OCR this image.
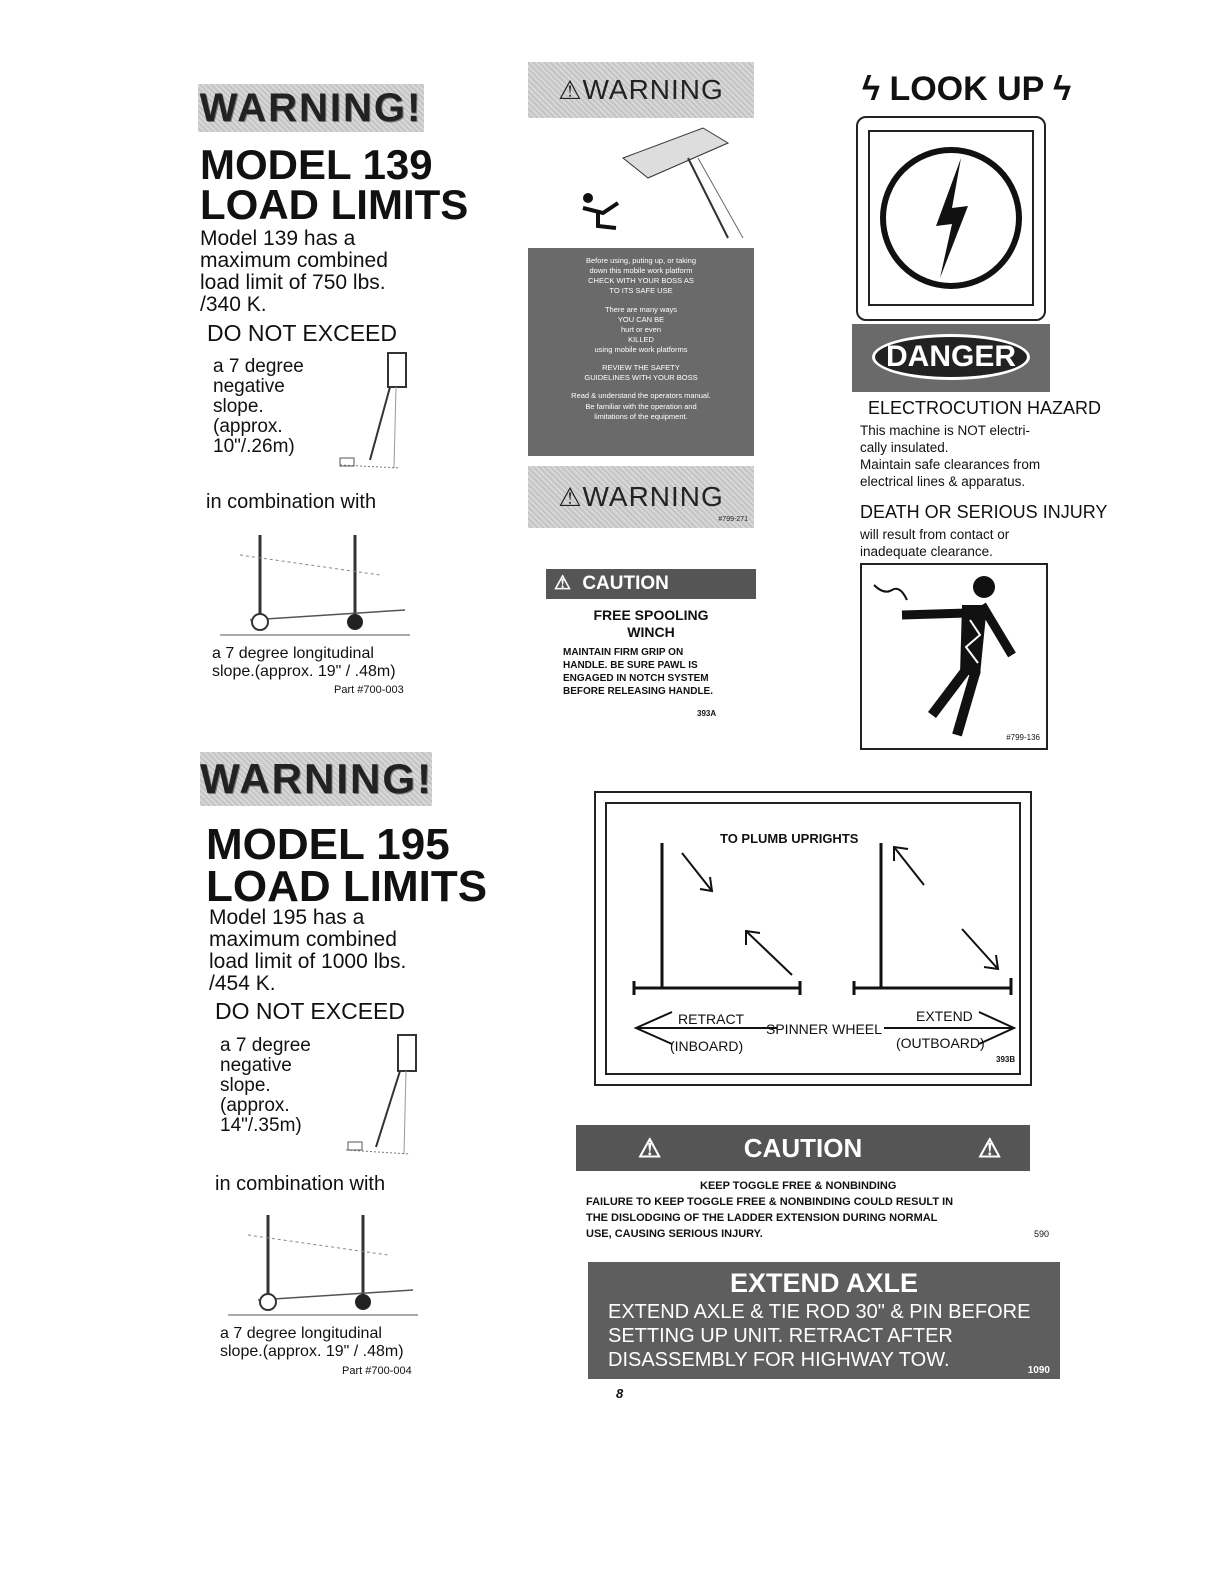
WARNING!
MODEL 139
LOAD LIMITS
Model 139 has a
maximum combined
load limit of 750 lbs.
/340 K.
DO NOT EXCEED
a 7 degree
negative
slope.
(approx.
10"/.26m)
in combination with
a 7 degree longitudinal
slope.(approx. 19" / .48m)
Part #700-003
WARNING!
MODEL 195
LOAD LIMITS
Model 195 has a
maximum combined
load limit of 1000 lbs.
/454 K.
DO NOT EXCEED
a 7 degree
negative
slope.
(approx.
14"/.35m)
in combination with
a 7 degree longitudinal
slope.(approx. 19" / .48m)
Part #700-004
⚠WARNING
Before using, puting up, or taking
down this mobile work platform
CHECK WITH YOUR BOSS AS
TO ITS SAFE USE
There are many ways
YOU CAN BE
hurt or even
KILLED
using mobile work platforms
REVIEW THE SAFETY
GUIDELINES WITH YOUR BOSS
Read & understand the operators manual.
Be familiar with the operation and
limitations of the equipment.
⚠WARNING
#799-271
⚠ CAUTION
FREE SPOOLING
WINCH
MAINTAIN FIRM GRIP ON
HANDLE. BE SURE PAWL IS
ENGAGED IN NOTCH SYSTEM
BEFORE RELEASING HANDLE.
393A
ϟ LOOK UP ϟ
DANGER
ELECTROCUTION HAZARD
This machine is NOT electri-
cally insulated.
Maintain safe clearances from
electrical lines & apparatus.
DEATH OR SERIOUS INJURY
will result from contact or
inadequate clearance.
#799-136
TO PLUMB UPRIGHTS
RETRACT
(INBOARD)
SPINNER WHEEL
EXTEND
(OUTBOARD)
393B
⚠	CAUTION	⚠
KEEP TOGGLE FREE & NONBINDING
FAILURE TO KEEP TOGGLE FREE & NONBINDING COULD RESULT IN
THE DISLODGING OF THE LADDER EXTENSION DURING NORMAL
USE, CAUSING SERIOUS INJURY.	590
EXTEND AXLE
EXTEND AXLE & TIE ROD 30" & PIN BEFORE
SETTING UP UNIT. RETRACT AFTER
DISASSEMBLY FOR HIGHWAY TOW.	1090
8
